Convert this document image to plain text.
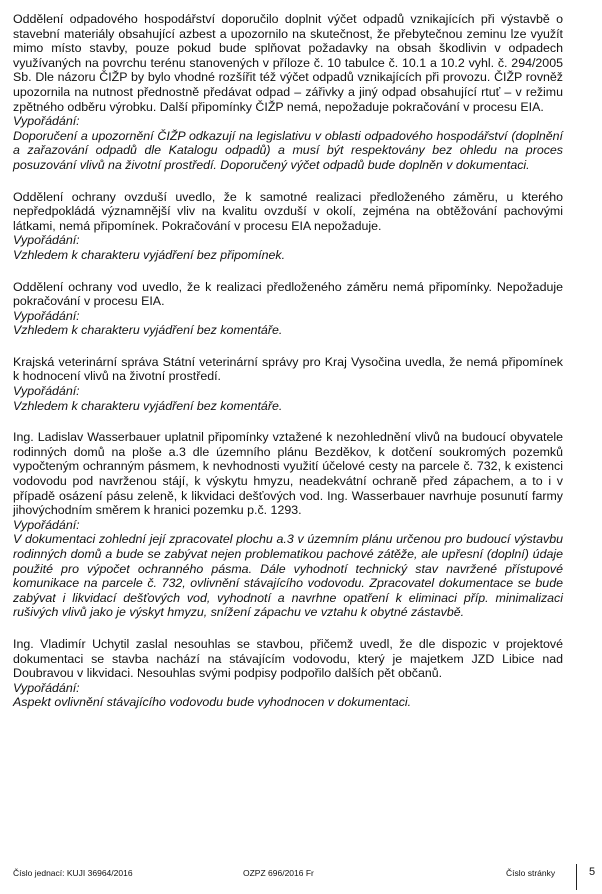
Oddělení odpadového hospodářství doporučilo doplnit výčet odpadů vznikajících při výstavbě o stavební materiály obsahující azbest a upozornilo na skutečnost, že přebytečnou zeminu lze využít mimo místo stavby, pouze pokud bude splňovat požadavky na obsah škodlivin v odpadech využívaných na povrchu terénu stanovených v příloze č. 10 tabulce č. 10.1 a 10.2 vyhl. č. 294/2005 Sb. Dle názoru ČIŽP by bylo vhodné rozšířit též výčet odpadů vznikajících při provozu. ČIŽP rovněž upozornila na nutnost přednostně předávat odpad – zářivky a jiný odpad obsahující rtuť – v režimu zpětného odběru výrobku. Další připomínky ČIŽP nemá, nepožaduje pokračování v procesu EIA.

Vypořádání:

Doporučení a upozornění ČIŽP odkazují na legislativu v oblasti odpadového hospodářství (doplnění a zařazování odpadů dle Katalogu odpadů) a musí být respektovány bez ohledu na proces posuzování vlivů na životní prostředí. Doporučený výčet odpadů bude doplněn v dokumentaci.

Oddělení ochrany ovzduší uvedlo, že k samotné realizaci předloženého záměru, u kterého nepředpokládá významnější vliv na kvalitu ovzduší v okolí, zejména na obtěžování pachovými látkami, nemá připomínek. Pokračování v procesu EIA nepožaduje.

Vypořádání:

Vzhledem k charakteru vyjádření bez připomínek.

Oddělení ochrany vod uvedlo, že k realizaci předloženého záměru nemá připomínky. Nepožaduje pokračování v procesu EIA.

Vypořádání:

Vzhledem k charakteru vyjádření bez komentáře.

Krajská veterinární správa Státní veterinární správy pro Kraj Vysočina uvedla, že nemá připomínek k hodnocení vlivů na životní prostředí.

Vypořádání:

Vzhledem k charakteru vyjádření bez komentáře.

Ing. Ladislav Wasserbauer uplatnil připomínky vztažené k nezohlednění vlivů na budoucí obyvatele rodinných domů na ploše a.3 dle územního plánu Bezděkov, k dotčení soukromých pozemků vypočteným ochranným pásmem, k nevhodnosti využití účelové cesty na parcele č. 732, k existenci vodovodu pod navrženou stájí, k výskytu hmyzu, neadekvátní ochraně před zápachem, a to i v případě osázení pásu zeleně, k likvidaci dešťových vod. Ing. Wasserbauer navrhuje posunutí farmy jihovýchodním směrem k hranici pozemku p.č. 1293.

Vypořádání:

V dokumentaci zohlední její zpracovatel plochu a.3 v územním plánu určenou pro budoucí výstavbu rodinných domů a bude se zabývat nejen problematikou pachové zátěže, ale upřesní (doplní) údaje použité pro výpočet ochranného pásma. Dále vyhodnotí technický stav navržené přístupové komunikace na parcele č. 732, ovlivnění stávajícího vodovodu. Zpracovatel dokumentace se bude zabývat i likvidací dešťových vod, vyhodnotí a navrhne opatření k eliminaci příp. minimalizaci rušivých vlivů jako je výskyt hmyzu, snížení zápachu ve vztahu k obytné zástavbě.

Ing. Vladimír Uchytil zaslal nesouhlas se stavbou, přičemž uvedl, že dle dispozic v projektové dokumentaci se stavba nachází na stávajícím vodovodu, který je majetkem JZD Libice nad Doubravou v likvidaci. Nesouhlas svými podpisy podpořilo dalších pět občanů.

Vypořádání:

Aspekt ovlivnění stávajícího vodovodu bude vyhodnocen v dokumentaci.

Číslo jednací: KUJI 36964/2016	OZPZ 696/2016 Fr	Číslo stránky	5
